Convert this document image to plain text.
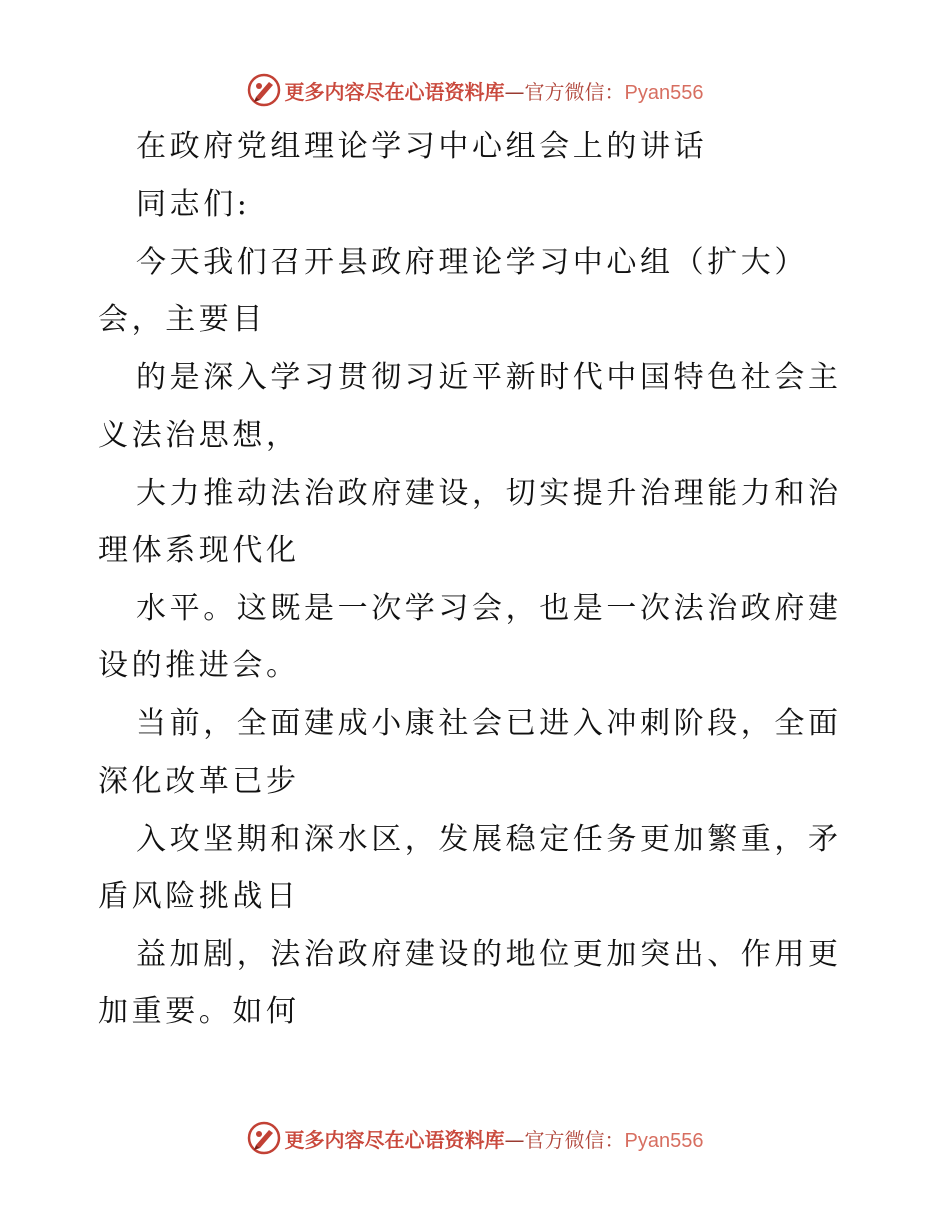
更多内容尽在心语资料库—官方微信：Pyan556
在政府党组理论学习中心组会上的讲话
同志们:
今天我们召开县政府理论学习中心组（扩大）
会，主要目
的是深入学习贯彻习近平新时代中国特色社会主
义法治思想，
大力推动法治政府建设，切实提升治理能力和治
理体系现代化
水平。这既是一次学习会，也是一次法治政府建
设的推进会。
当前，全面建成小康社会已进入冲刺阶段，全面
深化改革已步
入攻坚期和深水区，发展稳定任务更加繁重，矛
盾风险挑战日
益加剧，法治政府建设的地位更加突出、作用更
加重要。如何
更多内容尽在心语资料库—官方微信：Pyan556
